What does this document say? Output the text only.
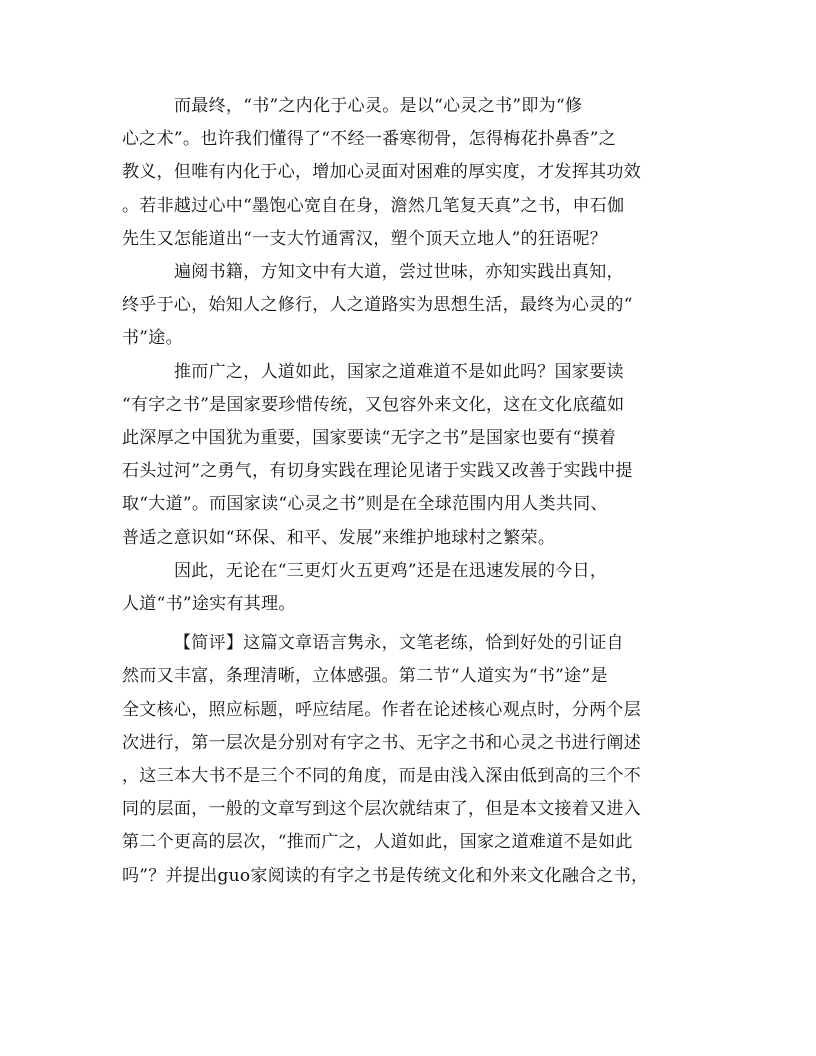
而最终，“书”之内化于心灵。是以“心灵之书”即为“修
心之术”。也许我们懂得了“不经一番寒彻骨，怎得梅花扑鼻香”之
教义，但唯有内化于心，增加心灵面对困难的厚实度，才发挥其功效
。若非越过心中“墨饱心宽自在身，澹然几笔复天真”之书，申石伽
先生又怎能道出“一支大竹通霄汉，塑个顶天立地人”的狂语呢？
遍阅书籍，方知文中有大道，尝过世味，亦知实践出真知，
终乎于心，始知人之修行，人之道路实为思想生活，最终为心灵的“
书”途。
推而广之，人道如此，国家之道难道不是如此吗？国家要读
“有字之书”是国家要珍惜传统，又包容外来文化，这在文化底蕴如
此深厚之中国犹为重要，国家要读“无字之书”是国家也要有“摸着
石头过河”之勇气，有切身实践在理论见诸于实践又改善于实践中提
取“大道”。而国家读“心灵之书”则是在全球范围内用人类共同、
普适之意识如“环保、和平、发展”来维护地球村之繁荣。
因此，无论在“三更灯火五更鸡”还是在迅速发展的今日，
人道“书”途实有其理。
【简评】这篇文章语言隽永，文笔老练，恰到好处的引证自
然而又丰富，条理清晰，立体感强。第二节“人道实为“书”途”是
全文核心，照应标题，呼应结尾。作者在论述核心观点时，分两个层
次进行，第一层次是分别对有字之书、无字之书和心灵之书进行阐述
，这三本大书不是三个不同的角度，而是由浅入深由低到高的三个不
同的层面，一般的文章写到这个层次就结束了，但是本文接着又进入
第二个更高的层次，“推而广之，人道如此，国家之道难道不是如此
吗”？并提出guo家阅读的有字之书是传统文化和外来文化融合之书，
